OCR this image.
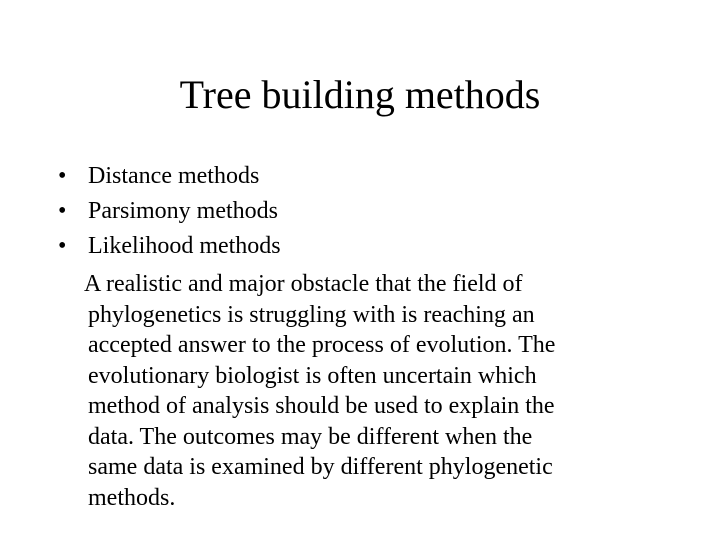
Tree building methods
• Distance methods
• Parsimony methods
• Likelihood methods

A realistic and major obstacle that the field of
phylogenetics is struggling with is reaching an
accepted answer to the process of evolution. The
evolutionary biologist is often uncertain which
method of analysis should be used to explain the
data. The outcomes may be different when the
same data is examined by different phylogenetic
methods.
